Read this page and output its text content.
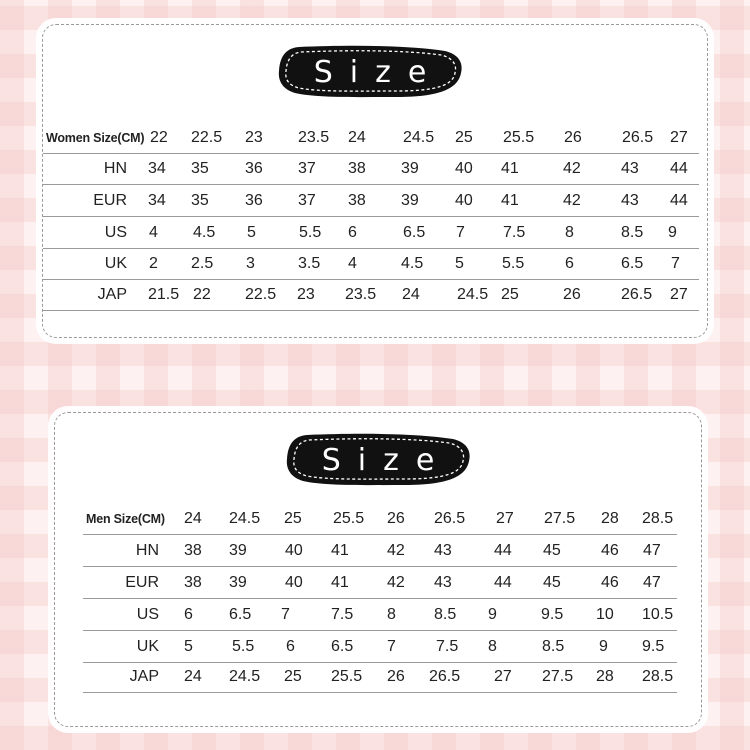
Size
Women Size(CM) 22 22.5 23 23.5 24 24.5 25 25.5 26	26.5 27
HN 34 35 36 37 38 39 40 41	42	43 44
EUR 34 35 36 37 38 39 40 41	42	43 44
US 4 4.5 5	5.5 6	6.5 7 7.5 8	8.5 9
UK 2 2.5 3	3.5 4	4.5 5 5.5	6	6.5 7
JAP 21.5 22 22.5 23 23.5 24 24.5 25	26	26.5 27
Size
Men Size(CM) 24 24.5 25 25.5 26 26.5 27 27.5 28 28.5
HN 38 39 40 41 42 43	44 45	46 47
EUR 38 39 40 41 42 43	44 45	46 47
US 6 6.5 7	7.5 8 8.5 9	9.5 10 10.5
UK 5 5.5 6 6.5 7	7.5 8	8.5 9 9.5
JAP 24 24.5 25 25.5 26 26.5 27 27.5 28 28.5
